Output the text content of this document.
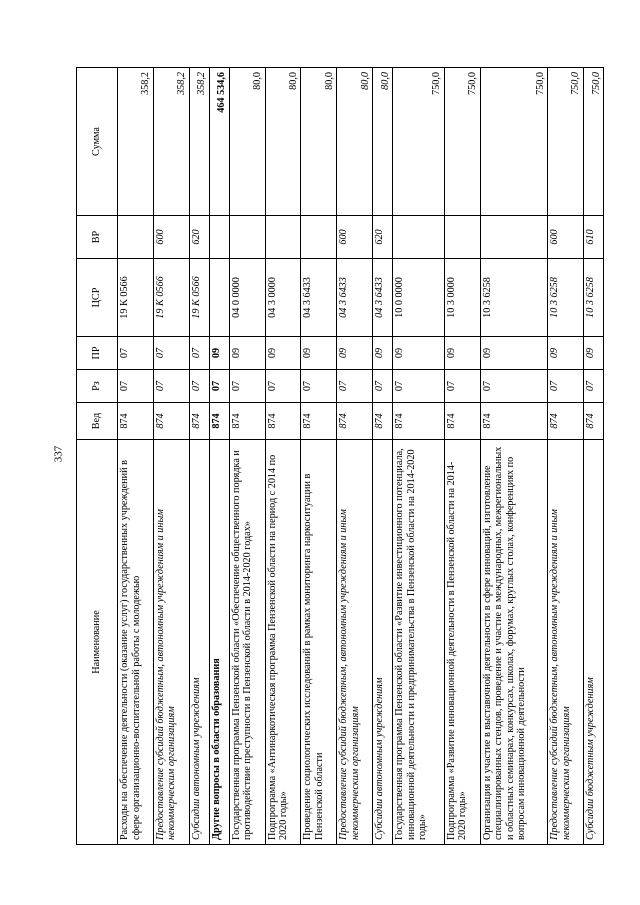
337
Наименование	Вед	Рз	ПР	ЦСР	ВР	Сумма
Расходы на обеспечение деятельности (оказание услуг) государственных учреждений в сфере организационно-воспитательной работы с молодежью	874	07	07	19 К 0566		358,2
Предоставление субсидий бюджетным, автономным учреждениям и иным некоммерческим организациям	874	07	07	19 К 0566	600	358,2
Субсидии автономным учреждениям	874	07	07	19 К 0566	620	358,2
Другие вопросы в области образования	874	07	09			464 534,6
Государственная программа Пензенской области «Обеспечение общественного порядка и противодействие преступности в Пензенской области в 2014-2020 годах»	874	07	09	04 0 0000		80,0
Подпрограмма «Антинаркотическая программа Пензенской области на период с 2014 по 2020 годы»	874	07	09	04 3 0000		80,0
Проведение социологических исследований в рамках мониторинга наркоситуации в Пензенской области	874	07	09	04 3 6433		80,0
Предоставление субсидий бюджетным, автономным учреждениям и иным некоммерческим организациям	874	07	09	04 3 6433	600	80,0
Субсидии автономным учреждениям	874	07	09	04 3 6433	620	80,0
Государственная программа Пензенской области «Развитие инвестиционного потенциала, инновационной деятельности и предпринимательства в Пензенской области на 2014-2020 годы»	874	07	09	10 0 0000		750,0
Подпрограмма «Развитие инновационной деятельности в Пензенской области на 2014-2020 годы»	874	07	09	10 3 0000		750,0
Организация и участие в выставочной деятельности в сфере инноваций, изготовление специализированных стендов, проведение и участие в международных, межрегиональных и областных семинарах, конкурсах, школах, форумах, круглых столах, конференциях по вопросам инновационной деятельности	874	07	09	10 3 6258		750,0
Предоставление субсидий бюджетным, автономным учреждениям и иным некоммерческим организациям	874	07	09	10 3 6258	600	750,0
Субсидии бюджетным учреждениям	874	07	09	10 3 6258	610	750,0
